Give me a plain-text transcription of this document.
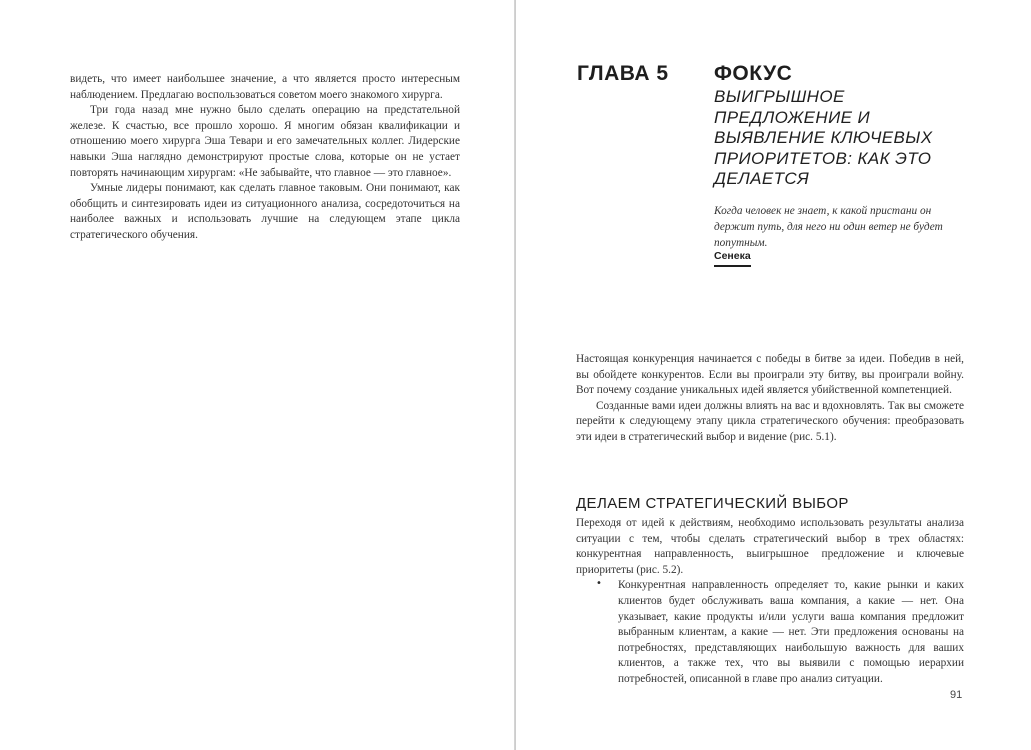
видеть, что имеет наибольшее значение, а что является просто интересным наблюдением. Предлагаю воспользоваться советом моего знакомого хирурга.

Три года назад мне нужно было сделать операцию на предстательной железе. К счастью, все прошло хорошо. Я многим обязан квалификации и отношению моего хирурга Эша Тевари и его замечательных коллег. Лидерские навыки Эша наглядно демонстрируют простые слова, которые он не устает повторять начинающим хирургам: «Не забывайте, что главное — это главное».

Умные лидеры понимают, как сделать главное таковым. Они понимают, как обобщить и синтезировать идеи из ситуационного анализа, сосредоточиться на наиболее важных и использовать лучшие на следующем этапе цикла стратегического обучения.

ГЛАВА 5 ФОКУС
ВЫИГРЫШНОЕ ПРЕДЛОЖЕНИЕ И ВЫЯВЛЕНИЕ КЛЮЧЕВЫХ ПРИОРИТЕТОВ: КАК ЭТО ДЕЛАЕТСЯ
Когда человек не знает, к какой пристани он держит путь, для него ни один ветер не будет попутным.
Сенека

Настоящая конкуренция начинается с победы в битве за идеи. Победив в ней, вы обойдете конкурентов. Если вы проиграли эту битву, вы проиграли войну. Вот почему создание уникальных идей является убийственной компетенцией.

Созданные вами идеи должны влиять на вас и вдохновлять. Так вы сможете перейти к следующему этапу цикла стратегического обучения: преобразовать эти идеи в стратегический выбор и видение (рис. 5.1).

ДЕЛАЕМ СТРАТЕГИЧЕСКИЙ ВЫБОР

Переходя от идей к действиям, необходимо использовать результаты анализа ситуации с тем, чтобы сделать стратегический выбор в трех областях: конкурентная направленность, выигрышное предложение и ключевые приоритеты (рис. 5.2).

• Конкурентная направленность определяет то, какие рынки и каких клиентов будет обслуживать ваша компания, а какие — нет. Она указывает, какие продукты и/или услуги ваша компания предложит выбранным клиентам, а какие — нет. Эти предложения основаны на потребностях, представляющих наибольшую важность для ваших клиентов, а также тех, что вы выявили с помощью иерархии потребностей, описанной в главе про анализ ситуации.

91
